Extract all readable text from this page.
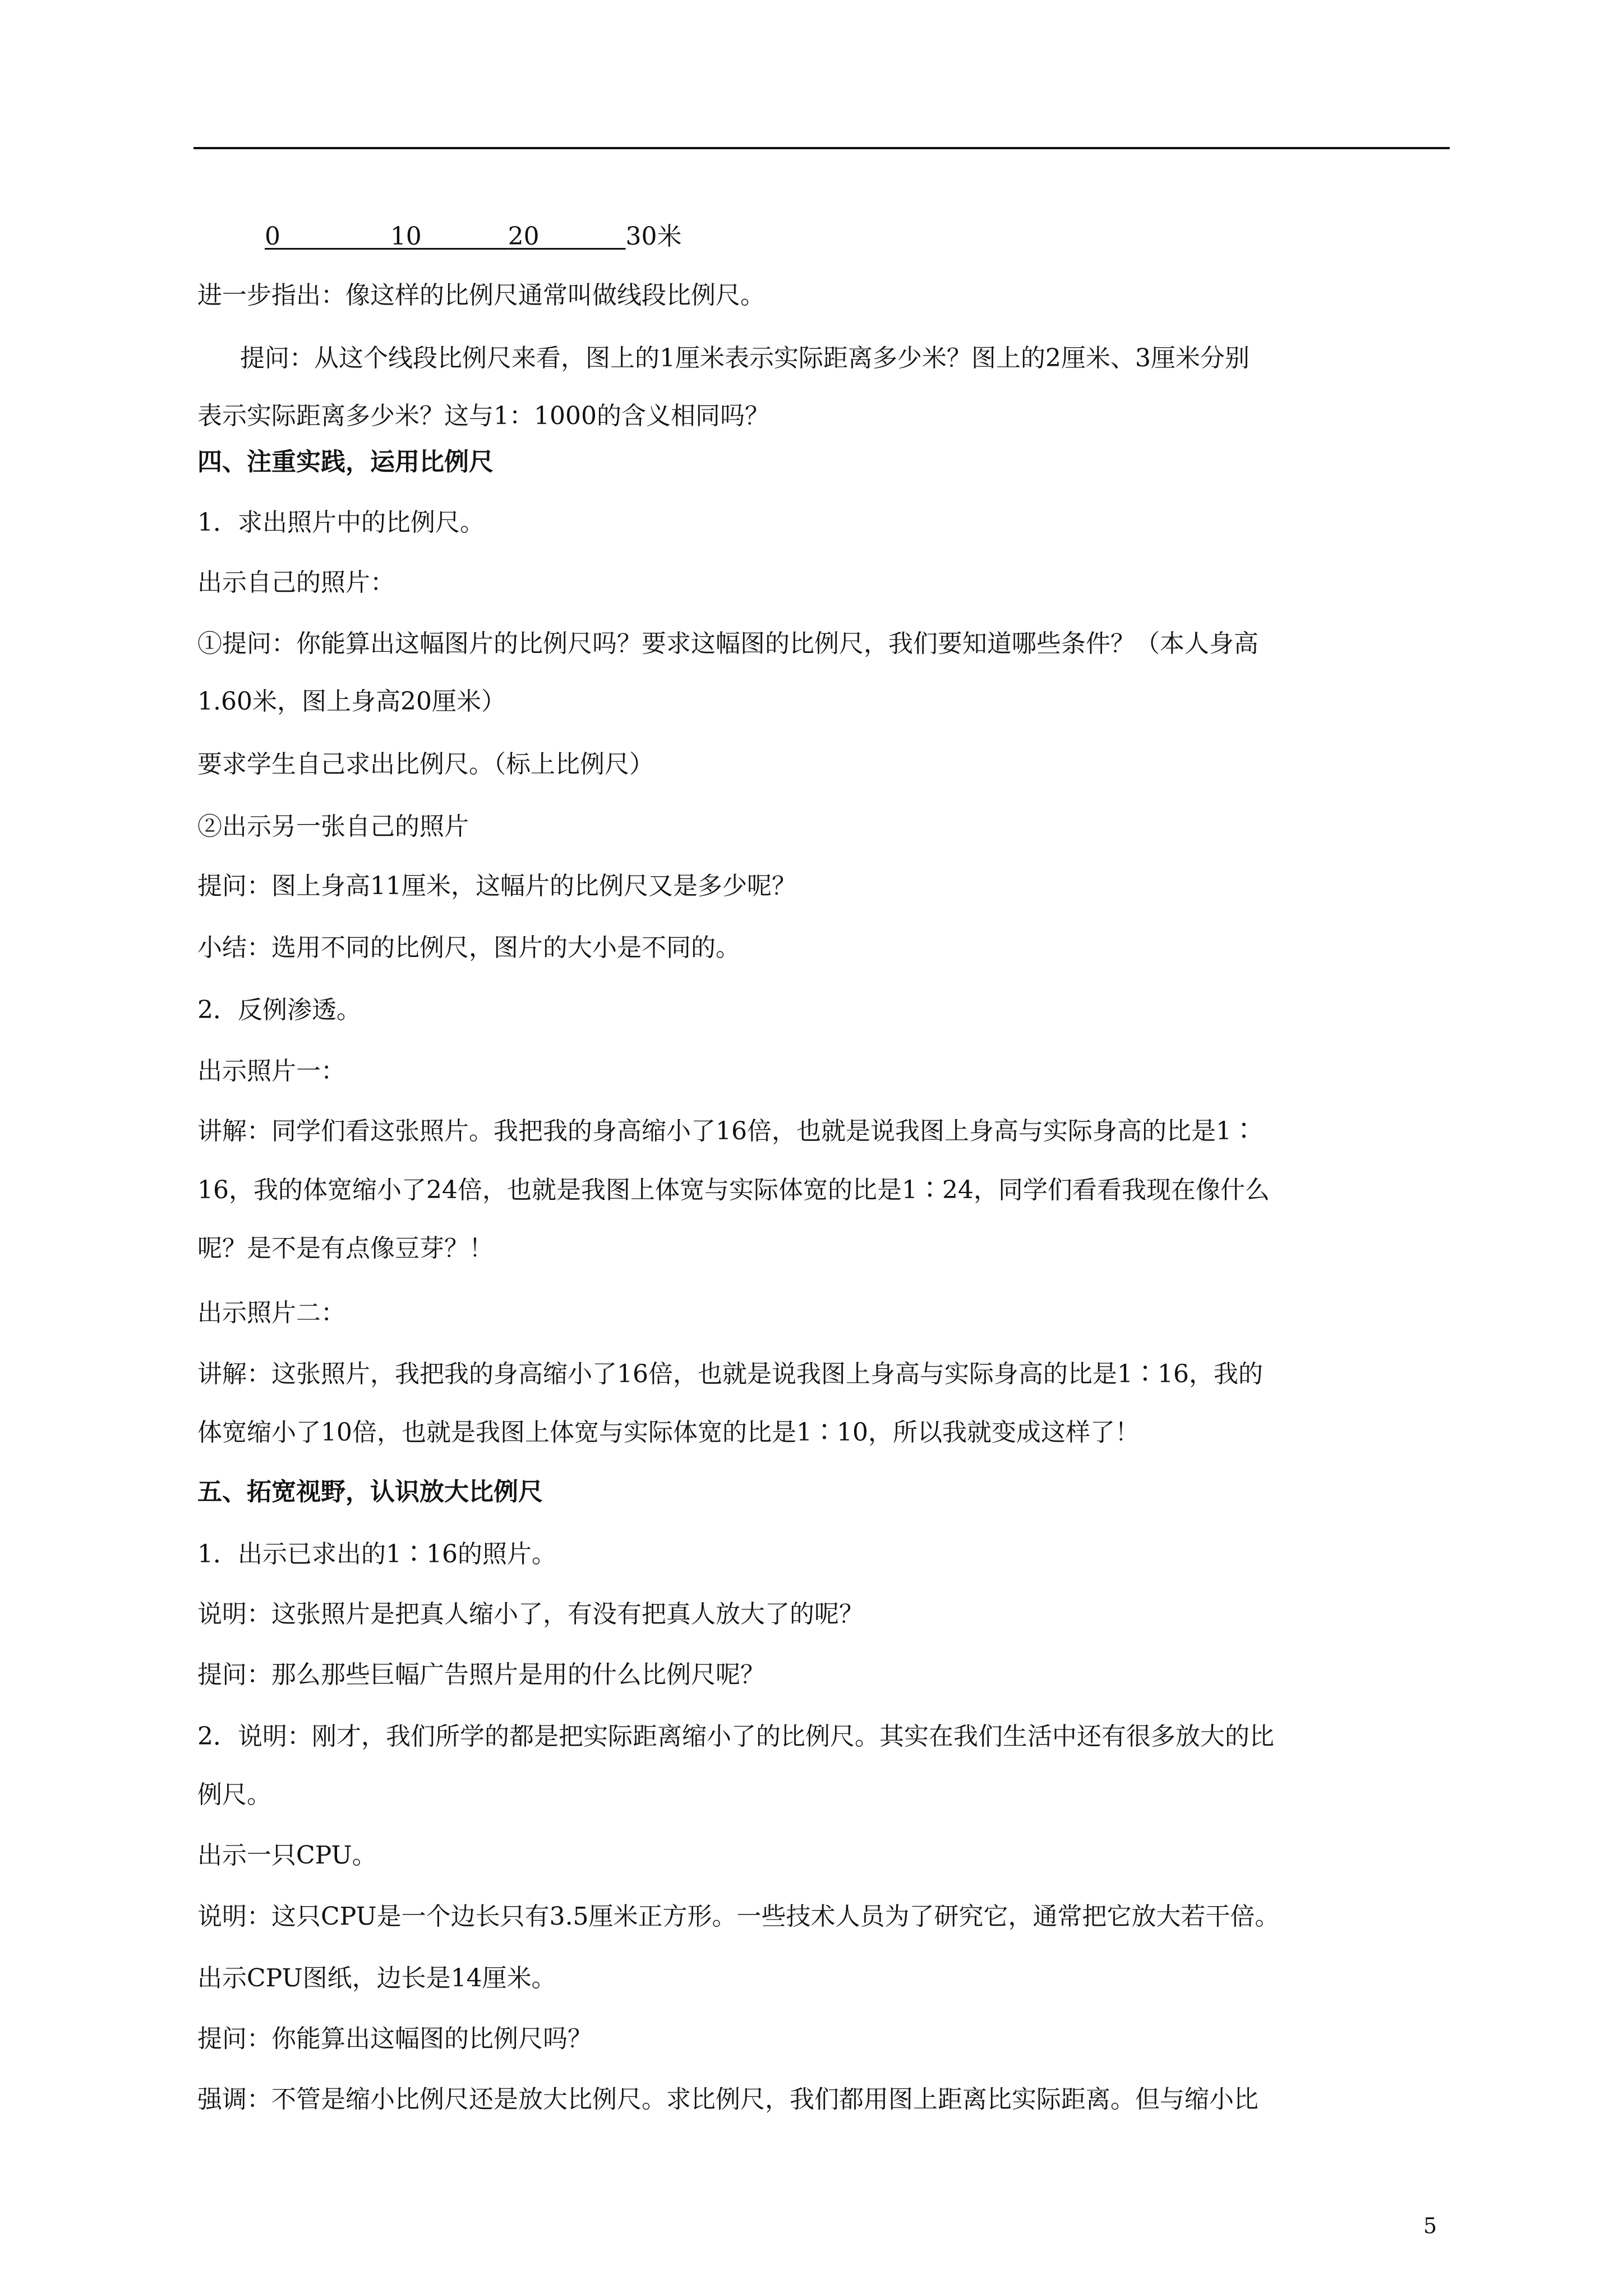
0
	10
	20
	30 米
进一步指出：像这样的比例尺通常叫做线段比例尺。
提问：从这个线段比例尺来看，图上的1厘米表示实际距离多少米？图上的2厘米、3厘米分别
表示实际距离多少米？这与1：1000的含义相同吗？
四、注重实践，运用比例尺
1．求出照片中的比例尺。
出示自己的照片：
①提问：你能算出这幅图片的比例尺吗？要求这幅图的比例尺，我们要知道哪些条件？（本人身高
1.60米，图上身高20厘米）
要求学生自己求出比例尺。（标上比例尺）
②出示另一张自己的照片
提问：图上身高11厘米，这幅片的比例尺又是多少呢？
小结：选用不同的比例尺，图片的大小是不同的。
2．反例渗透。
出示照片一：
讲解：同学们看这张照片。我把我的身高缩小了16倍，也就是说我图上身高与实际身高的比是1∶
16，我的体宽缩小了24倍，也就是我图上体宽与实际体宽的比是1∶24，同学们看看我现在像什么
呢？是不是有点像豆芽？！
出示照片二：
讲解：这张照片，我把我的身高缩小了16倍，也就是说我图上身高与实际身高的比是1∶16，我的
体宽缩小了10倍，也就是我图上体宽与实际体宽的比是1∶10，所以我就变成这样了！
五、拓宽视野，认识放大比例尺
1．出示已求出的1∶16的照片。
说明：这张照片是把真人缩小了，有没有把真人放大了的呢？
提问：那么那些巨幅广告照片是用的什么比例尺呢？
2．说明：刚才，我们所学的都是把实际距离缩小了的比例尺。其实在我们生活中还有很多放大的比
例尺。
出示一只CPU。
说明：这只CPU是一个边长只有3.5厘米正方形。一些技术人员为了研究它，通常把它放大若干倍。
出示CPU图纸，边长是14厘米。
提问：你能算出这幅图的比例尺吗？
强调：不管是缩小比例尺还是放大比例尺。求比例尺，我们都用图上距离比实际距离。但与缩小比
5
